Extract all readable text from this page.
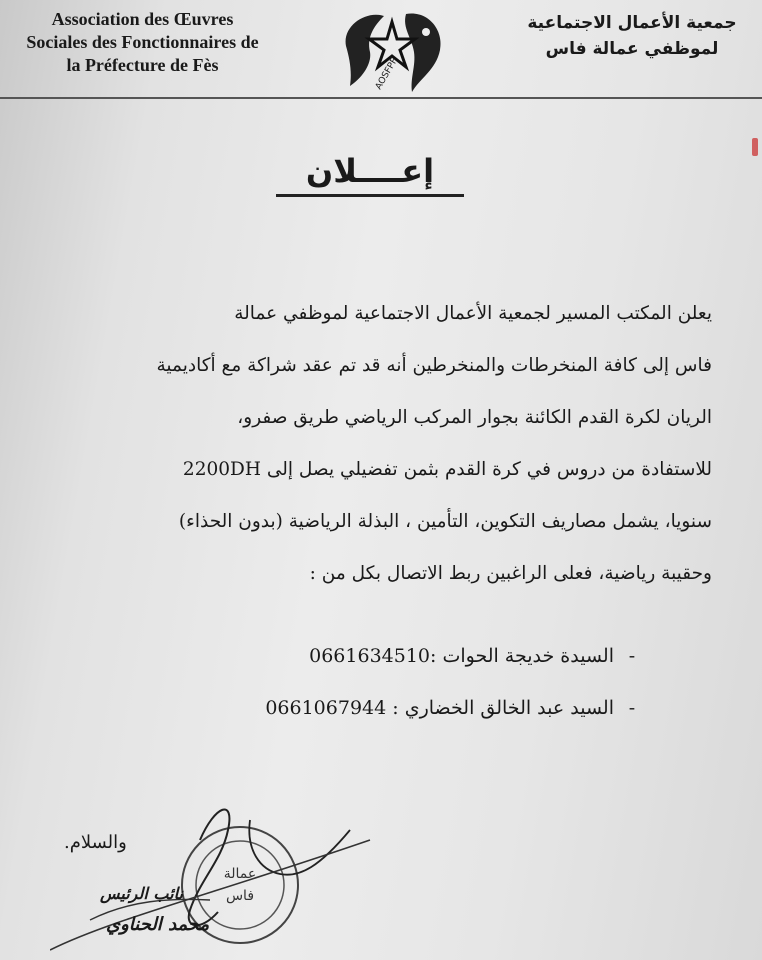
Association des Œuvres
Sociales des Fonctionnaires de
la Préfecture de Fès	AOSFPF
جمعية الأعمال الاجتماعية
لموظفي عمالة فاس
إعــــلان
يعلن المكتب المسير لجمعية الأعمال الاجتماعية لموظفي عمالة
فاس إلى كافة المنخرطات والمنخرطين أنه قد تم عقد شراكة مع أكاديمية
الريان لكرة القدم الكائنة بجوار المركب الرياضي طريق صفرو،
للاستفادة من دروس في كرة القدم بثمن تفضيلي يصل إلى 2200DH
سنويا، يشمل مصاريف التكوين، التأمين ، البذلة الرياضية (بدون الحذاء)
وحقيبة رياضية، فعلى الراغبين ربط الاتصال بكل من :
-
السيدة خديجة الحوات :0661634510
-
السيد عبد الخالق الخضاري : 0661067944
عمالة
فاس
والسلام.
نائب الرئيس
محمد الحناوي
